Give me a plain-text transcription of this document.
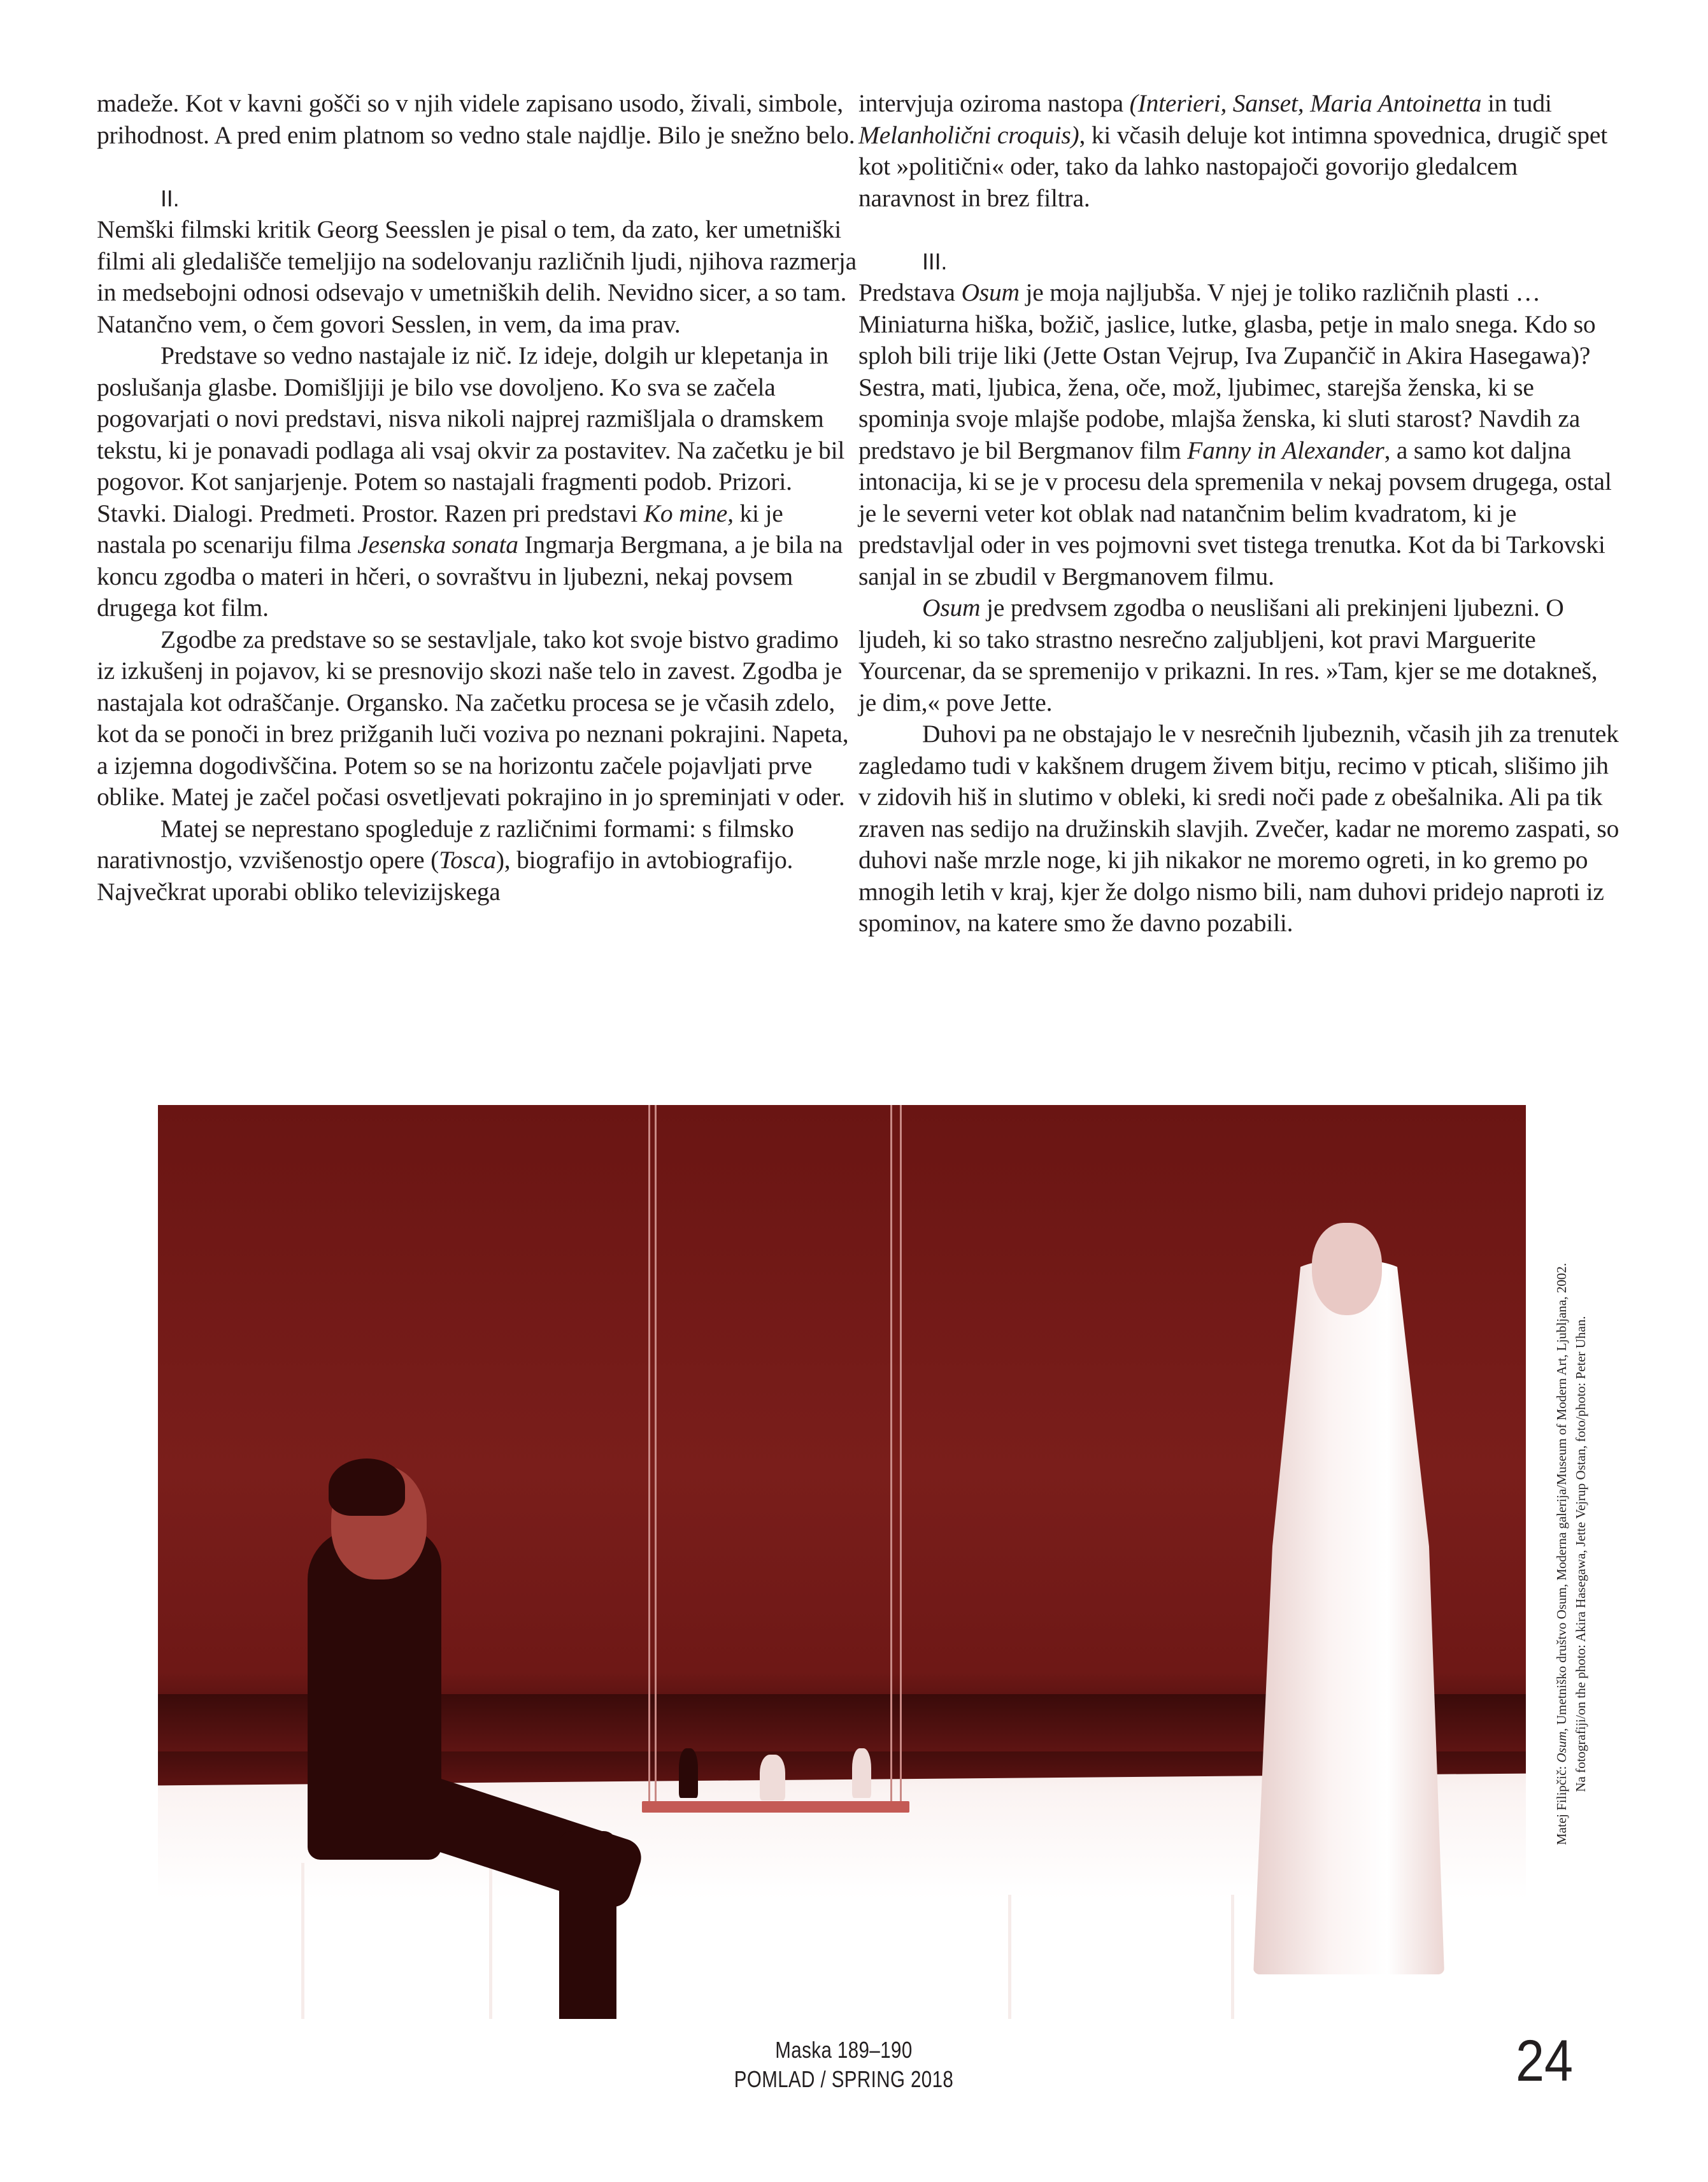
madeže. Kot v kavni gošči so v njih videle zapisano usodo, živali, simbole, prihodnost. A pred enim platnom so vedno stale najdlje. Bilo je snežno belo.

II.

Nemški filmski kritik Georg Seesslen je pisal o tem, da zato, ker umetniški filmi ali gledališče temeljijo na sodelovanju različnih ljudi, njihova razmerja in medsebojni odnosi odsevajo v umetniških delih. Nevidno sicer, a so tam. Natančno vem, o čem govori Sesslen, in vem, da ima prav.

Predstave so vedno nastajale iz nič. Iz ideje, dolgih ur klepetanja in poslušanja glasbe. Domišljiji je bilo vse dovoljeno. Ko sva se začela pogovarjati o novi predstavi, nisva nikoli najprej razmišljala o dramskem tekstu, ki je ponavadi podlaga ali vsaj okvir za postavitev. Na začetku je bil pogovor. Kot sanjarjenje. Potem so nastajali fragmenti podob. Prizori. Stavki. Dialogi. Predmeti. Prostor. Razen pri predstavi Ko mine, ki je nastala po scenariju filma Jesenska sonata Ingmarja Bergmana, a je bila na koncu zgodba o materi in hčeri, o sovraštvu in ljubezni, nekaj povsem drugega kot film.

Zgodbe za predstave so se sestavljale, tako kot svoje bistvo gradimo iz izkušenj in pojavov, ki se presnovijo skozi naše telo in zavest. Zgodba je nastajala kot odraščanje. Organsko. Na začetku procesa se je včasih zdelo, kot da se ponoči in brez prižganih luči voziva po neznani pokrajini. Napeta, a izjemna dogodivščina. Potem so se na horizontu začele pojavljati prve oblike. Matej je začel počasi osvetljevati pokrajino in jo spreminjati v oder.

Matej se neprestano spogleduje z različnimi formami: s filmsko narativnostjo, vzvišenostjo opere (Tosca), biografijo in avtobiografijo. Največkrat uporabi obliko televizijskega

intervjuja oziroma nastopa (Interieri, Sanset, Maria Antoinetta in tudi Melanholični croquis), ki včasih deluje kot intimna spovednica, drugič spet kot »politični« oder, tako da lahko nastopajoči govorijo gledalcem naravnost in brez filtra.

III.

Predstava Osum je moja najljubša. V njej je toliko različnih plasti … Miniaturna hiška, božič, jaslice, lutke, glasba, petje in malo snega. Kdo so sploh bili trije liki (Jette Ostan Vejrup, Iva Zupančič in Akira Hasegawa)? Sestra, mati, ljubica, žena, oče, mož, ljubimec, starejša ženska, ki se spominja svoje mlajše podobe, mlajša ženska, ki sluti starost? Navdih za predstavo je bil Bergmanov film Fanny in Alexander, a samo kot daljna intonacija, ki se je v procesu dela spremenila v nekaj povsem drugega, ostal je le severni veter kot oblak nad natančnim belim kvadratom, ki je predstavljal oder in ves pojmovni svet tistega trenutka. Kot da bi Tarkovski sanjal in se zbudil v Bergmanovem filmu.

Osum je predvsem zgodba o neuslišani ali prekinjeni ljubezni. O ljudeh, ki so tako strastno nesrečno zaljubljeni, kot pravi Marguerite Yourcenar, da se spremenijo v prikazni. In res. »Tam, kjer se me dotakneš, je dim,« pove Jette.

Duhovi pa ne obstajajo le v nesrečnih ljubeznih, včasih jih za trenutek zagledamo tudi v kakšnem drugem živem bitju, recimo v pticah, slišimo jih v zidovih hiš in slutimo v obleki, ki sredi noči pade z obešalnika. Ali pa tik zraven nas sedijo na družinskih slavjih. Zvečer, kadar ne moremo zaspati, so duhovi naše mrzle noge, ki jih nikakor ne moremo ogreti, in ko gremo po mnogih letih v kraj, kjer že dolgo nismo bili, nam duhovi pridejo naproti iz spominov, na katere smo že davno pozabili.

Matej Filipčič: Osum, Umetniško društvo Osum, Moderna galerija/Museum of Modern Art, Ljubljana, 2002. Na fotografiji/on the photo: Akira Hasegawa, Jette Vejrup Ostan, foto/photo: Peter Uhan.
Maska 189–190
POMLAD / SPRING 2018	24
